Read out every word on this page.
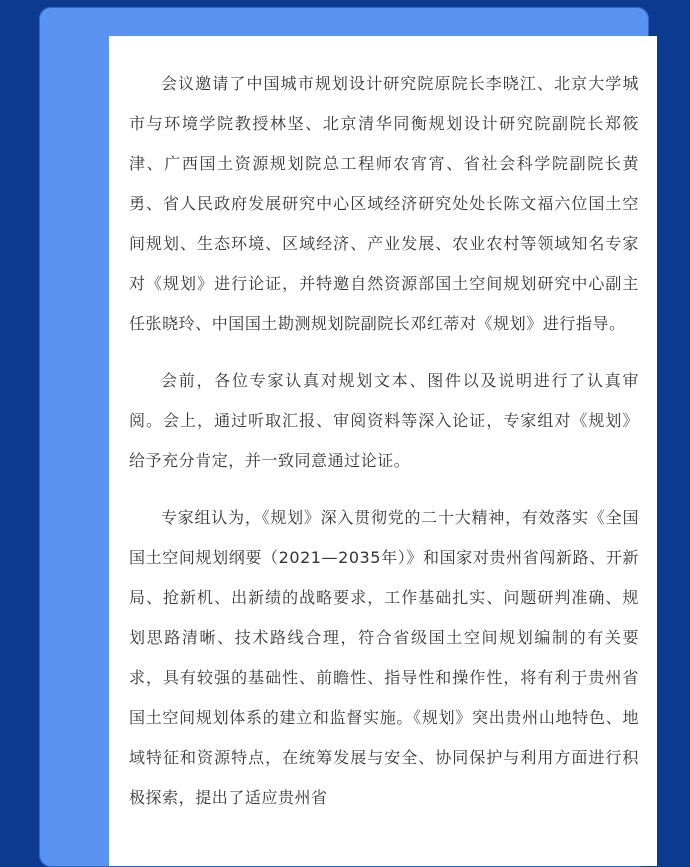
会议邀请了中国城市规划设计研究院原院长李晓江、北京大学城市与环境学院教授林坚、北京清华同衡规划设计研究院副院长郑筱津、广西国土资源规划院总工程师农宵宵、省社会科学院副院长黄勇、省人民政府发展研究中心区域经济研究处处长陈文福六位国土空间规划、生态环境、区域经济、产业发展、农业农村等领域知名专家对《规划》进行论证，并特邀自然资源部国土空间规划研究中心副主任张晓玲、中国国土勘测规划院副院长邓红蒂对《规划》进行指导。

会前，各位专家认真对规划文本、图件以及说明进行了认真审阅。会上，通过听取汇报、审阅资料等深入论证，专家组对《规划》给予充分肯定，并一致同意通过论证。

专家组认为，《规划》深入贯彻党的二十大精神，有效落实《全国国土空间规划纲要（2021—2035年）》和国家对贵州省闯新路、开新局、抢新机、出新绩的战略要求，工作基础扎实、问题研判准确、规划思路清晰、技术路线合理，符合省级国土空间规划编制的有关要求，具有较强的基础性、前瞻性、指导性和操作性，将有利于贵州省国土空间规划体系的建立和监督实施。《规划》突出贵州山地特色、地域特征和资源特点，在统筹发展与安全、协同保护与利用方面进行积极探索，提出了适应贵州省
